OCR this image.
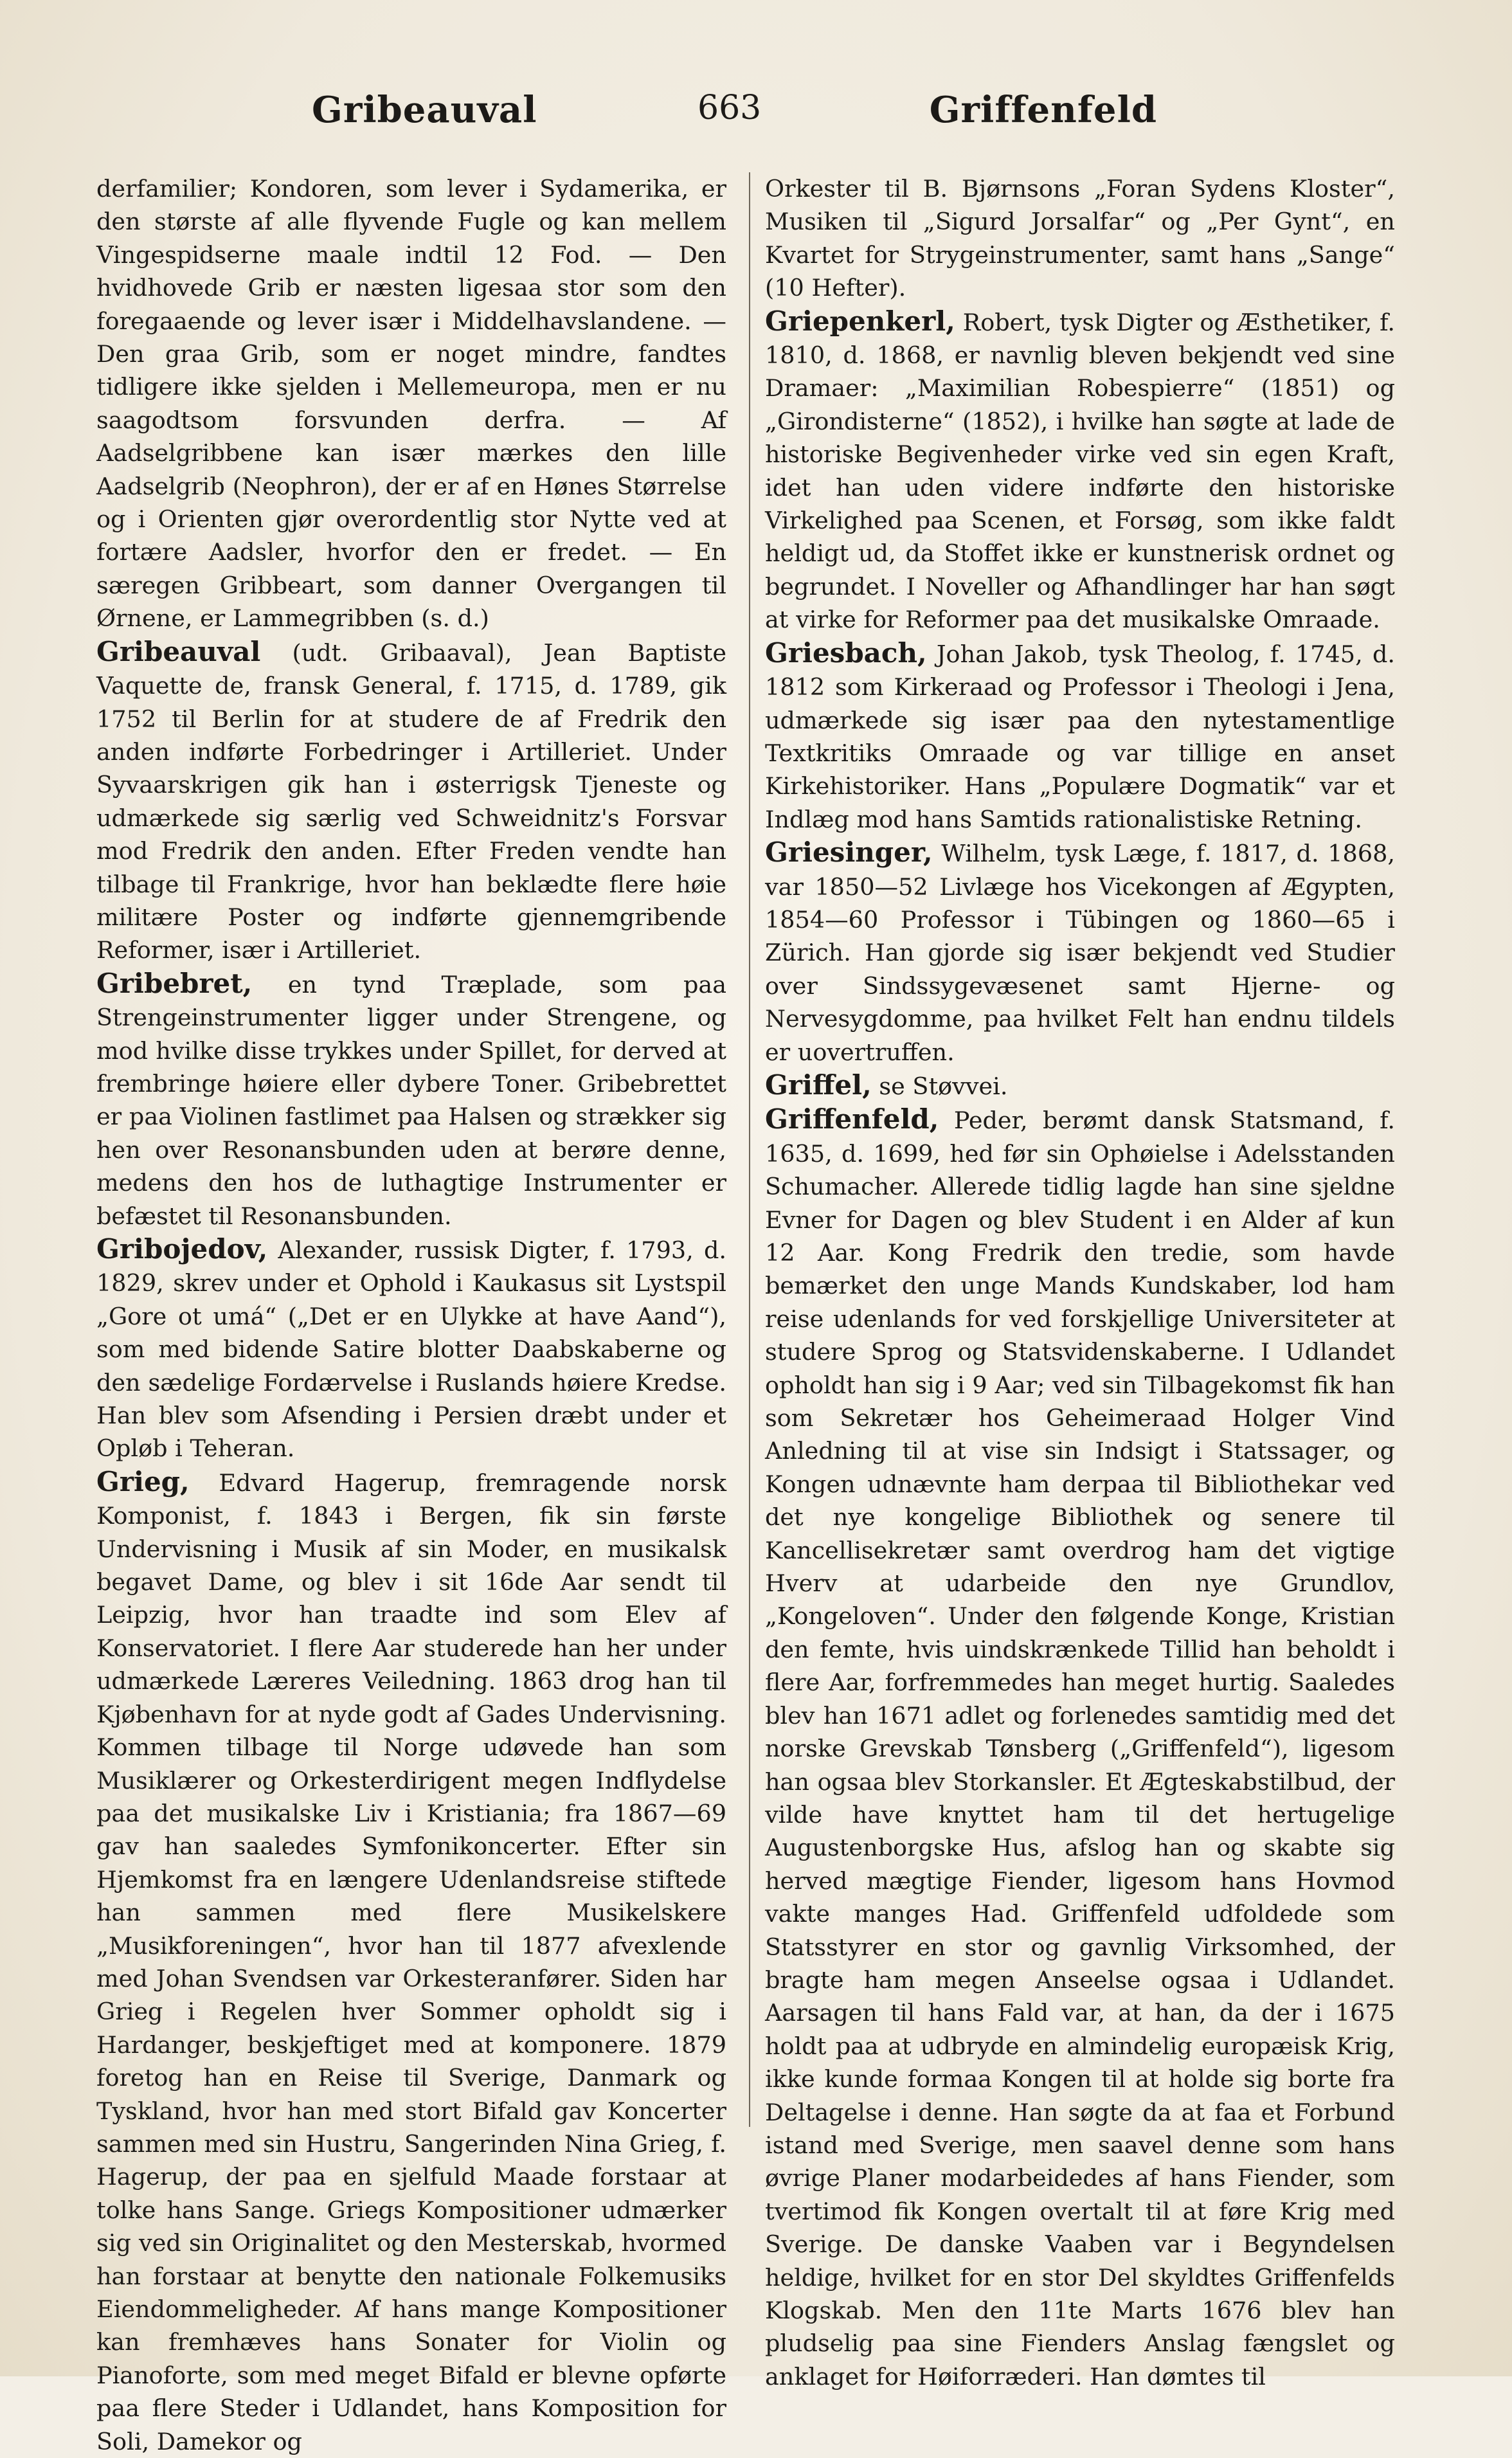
Gribeauval	663	Griffenfeld

derfamilier; Kondoren, som lever i Sydamerika, er den største af alle flyvende Fugle og kan mellem Vingespidserne maale indtil 12 Fod. — Den hvidhovede Grib er næsten ligesaa stor som den foregaaende og lever især i Middelhavslandene. — Den graa Grib, som er noget mindre, fandtes tidligere ikke sjelden i Mellemeuropa, men er nu saagodtsom forsvunden derfra. — Af Aadselgribbene kan især mærkes den lille Aadselgrib (Neophron), der er af en Hønes Størrelse og i Orienten gjør overordentlig stor Nytte ved at fortære Aadsler, hvorfor den er fredet. — En særegen Gribbeart, som danner Overgangen til Ørnene, er Lammegribben (s. d.)

Gribeauval (udt. Gribaaval), Jean Baptiste Vaquette de, fransk General, f. 1715, d. 1789, gik 1752 til Berlin for at studere de af Fredrik den anden indførte Forbedringer i Artilleriet. Under Syvaarskrigen gik han i østerrigsk Tjeneste og udmærkede sig særlig ved Schweidnitz's Forsvar mod Fredrik den anden. Efter Freden vendte han tilbage til Frankrige, hvor han beklædte flere høie militære Poster og indførte gjennemgribende Reformer, især i Artilleriet.

Gribebret, en tynd Træplade, som paa Strengeinstrumenter ligger under Strengene, og mod hvilke disse trykkes under Spillet, for derved at frembringe høiere eller dybere Toner. Gribebrettet er paa Violinen fastlimet paa Halsen og strækker sig hen over Resonansbunden uden at berøre denne, medens den hos de luthagtige Instrumenter er befæstet til Resonansbunden.

Gribojedov, Alexander, russisk Digter, f. 1793, d. 1829, skrev under et Ophold i Kaukasus sit Lystspil „Gore ot umá“ („Det er en Ulykke at have Aand“), som med bidende Satire blotter Daabskaberne og den sædelige Fordærvelse i Ruslands høiere Kredse. Han blev som Afsending i Persien dræbt under et Opløb i Teheran.

Grieg, Edvard Hagerup, fremragende norsk Komponist, f. 1843 i Bergen, fik sin første Undervisning i Musik af sin Moder, en musikalsk begavet Dame, og blev i sit 16de Aar sendt til Leipzig, hvor han traadte ind som Elev af Konservatoriet. I flere Aar studerede han her under udmærkede Læreres Veiledning. 1863 drog han til Kjøbenhavn for at nyde godt af Gades Undervisning. Kommen tilbage til Norge udøvede han som Musiklærer og Orkesterdirigent megen Indflydelse paa det musikalske Liv i Kristiania; fra 1867—69 gav han saaledes Symfonikoncerter. Efter sin Hjemkomst fra en længere Udenlandsreise stiftede han sammen med flere Musikelskere „Musikforeningen“, hvor han til 1877 afvexlende med Johan Svendsen var Orkesteranfører. Siden har Grieg i Regelen hver Sommer opholdt sig i Hardanger, beskjeftiget med at komponere. 1879 foretog han en Reise til Sverige, Danmark og Tyskland, hvor han med stort Bifald gav Koncerter sammen med sin Hustru, Sangerinden Nina Grieg, f. Hagerup, der paa en sjelfuld Maade forstaar at tolke hans Sange. Griegs Kompositioner udmærker sig ved sin Originalitet og den Mesterskab, hvormed han forstaar at benytte den nationale Folkemusiks Eiendommeligheder. Af hans mange Kompositioner kan fremhæves hans Sonater for Violin og Pianoforte, som med meget Bifald er blevne opførte paa flere Steder i Udlandet, hans Komposition for Soli, Damekor og

Orkester til B. Bjørnsons „Foran Sydens Kloster“, Musiken til „Sigurd Jorsalfar“ og „Per Gynt“, en Kvartet for Strygeinstrumenter, samt hans „Sange“ (10 Hefter).

Griepenkerl, Robert, tysk Digter og Æsthetiker, f. 1810, d. 1868, er navnlig bleven bekjendt ved sine Dramaer: „Maximilian Robespierre“ (1851) og „Girondisterne“ (1852), i hvilke han søgte at lade de historiske Begivenheder virke ved sin egen Kraft, idet han uden videre indførte den historiske Virkelighed paa Scenen, et Forsøg, som ikke faldt heldigt ud, da Stoffet ikke er kunstnerisk ordnet og begrundet. I Noveller og Afhandlinger har han søgt at virke for Reformer paa det musikalske Omraade.

Griesbach, Johan Jakob, tysk Theolog, f. 1745, d. 1812 som Kirkeraad og Professor i Theologi i Jena, udmærkede sig især paa den nytestamentlige Textkritiks Omraade og var tillige en anset Kirkehistoriker. Hans „Populære Dogmatik“ var et Indlæg mod hans Samtids rationalistiske Retning.

Griesinger, Wilhelm, tysk Læge, f. 1817, d. 1868, var 1850—52 Livlæge hos Vicekongen af Ægypten, 1854—60 Professor i Tübingen og 1860—65 i Zürich. Han gjorde sig især bekjendt ved Studier over Sindssygevæsenet samt Hjerne- og Nervesygdomme, paa hvilket Felt han endnu tildels er uovertruffen.

Griffel, se Støvvei.

Griffenfeld, Peder, berømt dansk Statsmand, f. 1635, d. 1699, hed før sin Ophøielse i Adelsstanden Schumacher. Allerede tidlig lagde han sine sjeldne Evner for Dagen og blev Student i en Alder af kun 12 Aar. Kong Fredrik den tredie, som havde bemærket den unge Mands Kundskaber, lod ham reise udenlands for ved forskjellige Universiteter at studere Sprog og Statsvidenskaberne. I Udlandet opholdt han sig i 9 Aar; ved sin Tilbagekomst fik han som Sekretær hos Geheimeraad Holger Vind Anledning til at vise sin Indsigt i Statssager, og Kongen udnævnte ham derpaa til Bibliothekar ved det nye kongelige Bibliothek og senere til Kancellisekretær samt overdrog ham det vigtige Hverv at udarbeide den nye Grundlov, „Kongeloven“. Under den følgende Konge, Kristian den femte, hvis uindskrænkede Tillid han beholdt i flere Aar, forfremmedes han meget hurtig. Saaledes blev han 1671 adlet og forlenedes samtidig med det norske Grevskab Tønsberg („Griffenfeld“), ligesom han ogsaa blev Storkansler. Et Ægteskabstilbud, der vilde have knyttet ham til det hertugelige Augustenborgske Hus, afslog han og skabte sig herved mægtige Fiender, ligesom hans Hovmod vakte manges Had. Griffenfeld udfoldede som Statsstyrer en stor og gavnlig Virksomhed, der bragte ham megen Anseelse ogsaa i Udlandet. Aarsagen til hans Fald var, at han, da der i 1675 holdt paa at udbryde en almindelig europæisk Krig, ikke kunde formaa Kongen til at holde sig borte fra Deltagelse i denne. Han søgte da at faa et Forbund istand med Sverige, men saavel denne som hans øvrige Planer modarbeidedes af hans Fiender, som tvertimod fik Kongen overtalt til at føre Krig med Sverige. De danske Vaaben var i Begyndelsen heldige, hvilket for en stor Del skyldtes Griffenfelds Klogskab. Men den 11te Marts 1676 blev han pludselig paa sine Fienders Anslag fængslet og anklaget for Høiforræderi. Han dømtes til
